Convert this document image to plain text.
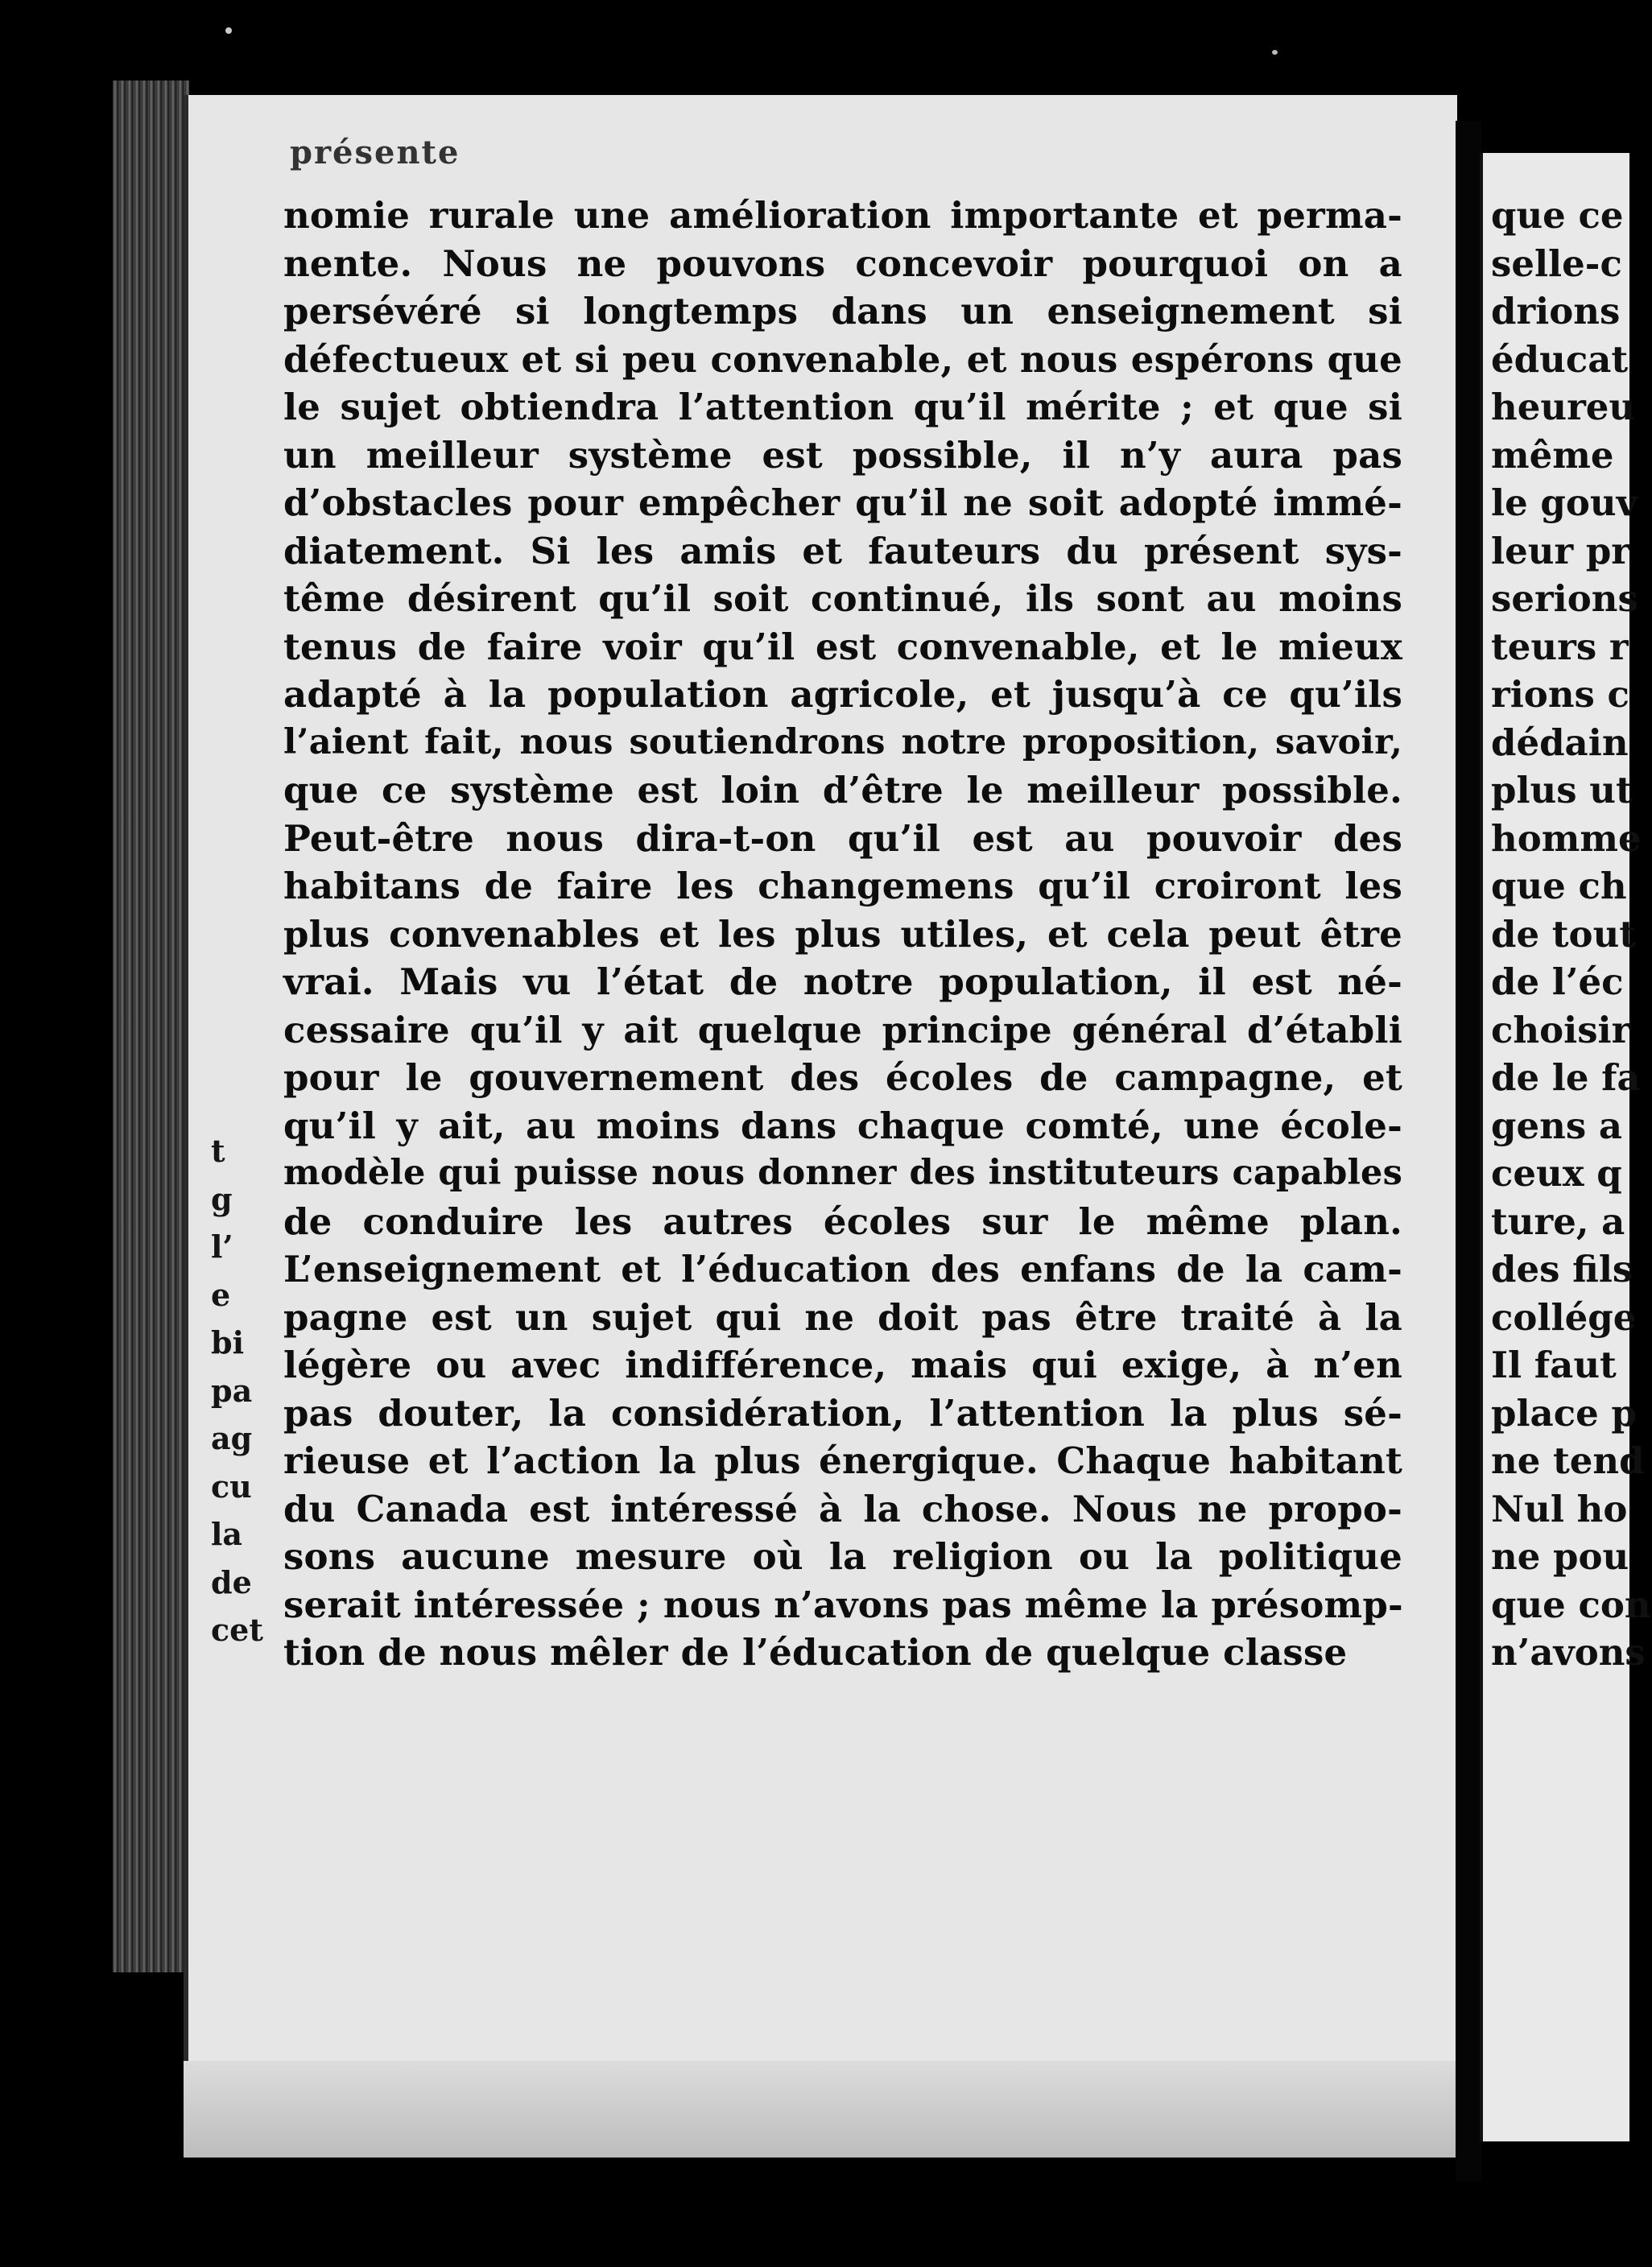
présente
t
g
l’
e
bi
pa
ag
cu
la
de
cet
nomie rurale une amélioration importante et perma-
nente. Nous ne pouvons concevoir pourquoi on a
persévéré si longtemps dans un enseignement si
défectueux et si peu convenable, et nous espérons que
le sujet obtiendra l’attention qu’il mérite ; et que si
un meilleur système est possible, il n’y aura pas
d’obstacles pour empêcher qu’il ne soit adopté immé-
diatement. Si les amis et fauteurs du présent sys-
tême désirent qu’il soit continué, ils sont au moins
tenus de faire voir qu’il est convenable, et le mieux
adapté à la population agricole, et jusqu’à ce qu’ils
l’aient fait, nous soutiendrons notre proposition, savoir,
que ce système est loin d’être le meilleur possible.
Peut-être nous dira-t-on qu’il est au pouvoir des
habitans de faire les changemens qu’il croiront les
plus convenables et les plus utiles, et cela peut être
vrai. Mais vu l’état de notre population, il est né-
cessaire qu’il y ait quelque principe général d’établi
pour le gouvernement des écoles de campagne, et
qu’il y ait, au moins dans chaque comté, une école-
modèle qui puisse nous donner des instituteurs capables
de conduire les autres écoles sur le même plan.
L’enseignement et l’éducation des enfans de la cam-
pagne est un sujet qui ne doit pas être traité à la
légère ou avec indifférence, mais qui exige, à n’en
pas douter, la considération, l’attention la plus sé-
rieuse et l’action la plus énergique. Chaque habitant
du Canada est intéressé à la chose. Nous ne propo-
sons aucune mesure où la religion ou la politique
serait intéressée ; nous n’avons pas même la présomp-
tion de nous mêler de l’éducation de quelque classe
que ce
selle-c
drions
éducat
heureu
même
le gouv
leur pr
serions
teurs r
rions c
dédain
plus ut
homme
que ch
de tout
de l’éc
choisir
de le fa
gens a
ceux q
ture, a
des fils
collége
Il faut
place p
ne tend
Nul ho
ne pou
que con
n’avons
